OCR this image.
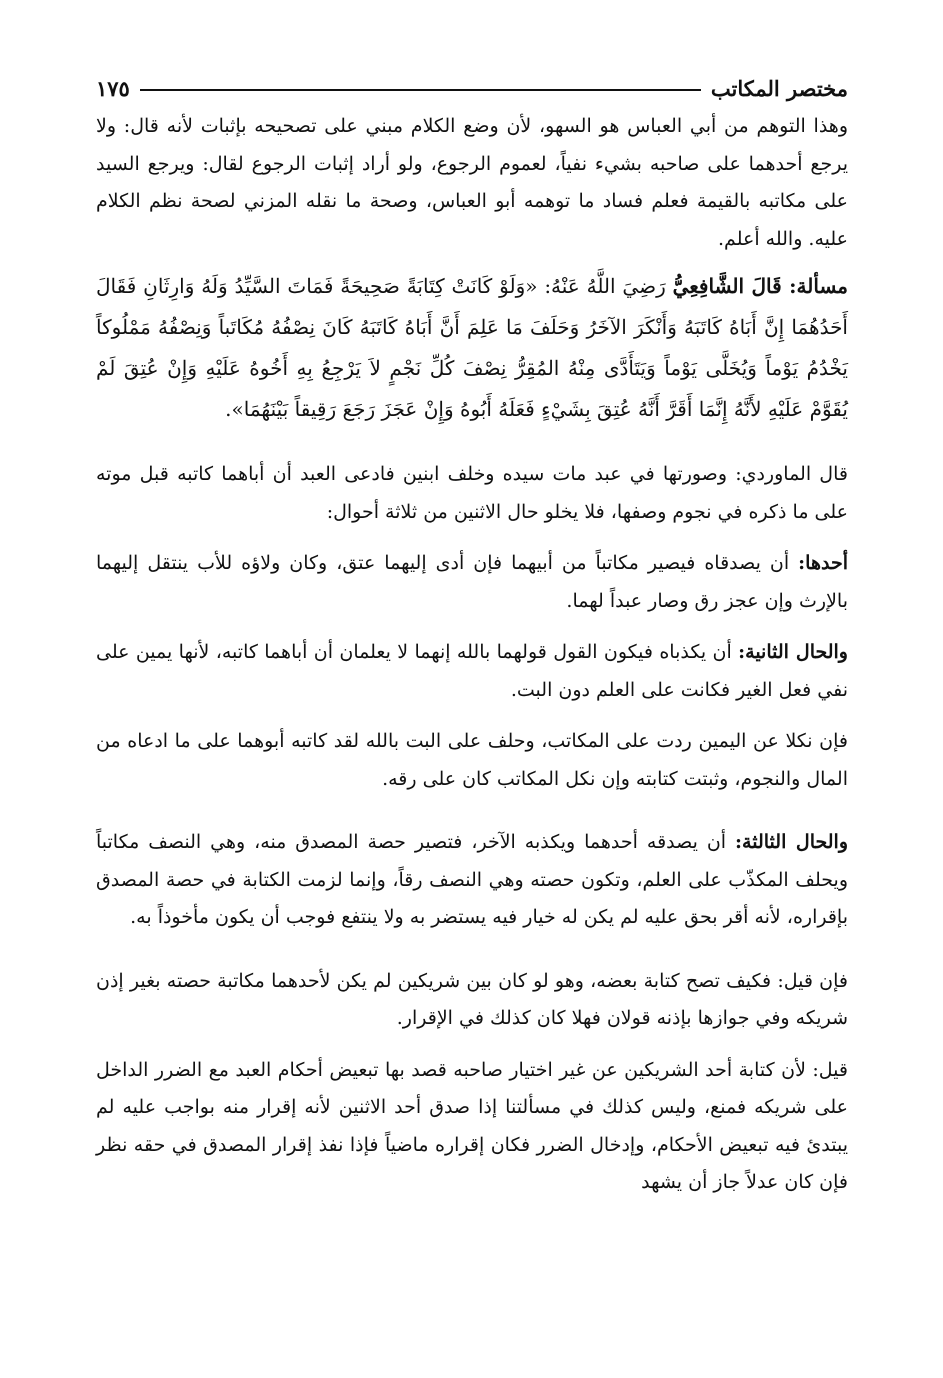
مختصر المكاتب
١٧٥

وهذا التوهم من أبي العباس هو السهو، لأن وضع الكلام مبني على تصحيحه بإثبات لأنه قال: ولا يرجع أحدهما على صاحبه بشيء نفياً، لعموم الرجوع، ولو أراد إثبات الرجوع لقال: ويرجع السيد على مكاتبه بالقيمة فعلم فساد ما توهمه أبو العباس، وصحة ما نقله المزني لصحة نظم الكلام عليه. والله أعلم.

مسألة: قَالَ الشَّافِعِيُّ رَضِيَ اللَّهُ عَنْهُ: «وَلَوْ كَانَتْ كِتَابَةً صَحِيحَةً فَمَاتَ السَّيِّدُ وَلَهُ وَارِثَانِ فَقَالَ أَحَدُهُمَا إِنَّ أَبَاهُ كَاتَبَهُ وَأَنْكَرَ الآخَرُ وَحَلَفَ مَا عَلِمَ أَنَّ أَبَاهُ كَاتَبَهُ كَانَ نِصْفُهُ مُكَاتَباً وَنِصْفُهُ مَمْلُوكاً يَخْدُمُ يَوْماً وَيُخَلَّى يَوْماً وَيَتَأَدَّى مِنْهُ المُقِرُّ نِصْفَ كُلِّ نَجْمٍ لاَ يَرْجِعُ بِهِ أَخُوهُ عَلَيْهِ وَإِنْ عُتِقَ لَمْ يُقَوَّمْ عَلَيْهِ لأَنَّهُ إِنَّمَا أَقَرَّ أَنَّهُ عُتِقَ بِشَيْءٍ فَعَلَهُ أَبُوهُ وَإِنْ عَجَزَ رَجَعَ رَقِيقاً بَيْنَهُمَا».

قال الماوردي: وصورتها في عبد مات سيده وخلف ابنين فادعى العبد أن أباهما كاتبه قبل موته على ما ذكره في نجوم وصفها، فلا يخلو حال الاثنين من ثلاثة أحوال:

أحدها: أن يصدقاه فيصير مكاتباً من أبيهما فإن أدى إليهما عتق، وكان ولاؤه للأب ينتقل إليهما بالإرث وإن عجز رق وصار عبداً لهما.

والحال الثانية: أن يكذباه فيكون القول قولهما بالله إنهما لا يعلمان أن أباهما كاتبه، لأنها يمين على نفي فعل الغير فكانت على العلم دون البت.

فإن نكلا عن اليمين ردت على المكاتب، وحلف على البت بالله لقد كاتبه أبوهما على ما ادعاه من المال والنجوم، وثبتت كتابته وإن نكل المكاتب كان على رقه.

والحال الثالثة: أن يصدقه أحدهما ويكذبه الآخر، فتصير حصة المصدق منه، وهي النصف مكاتباً ويحلف المكذّب على العلم، وتكون حصته وهي النصف رقاً، وإنما لزمت الكتابة في حصة المصدق بإقراره، لأنه أقر بحق عليه لم يكن له خيار فيه يستضر به ولا ينتفع فوجب أن يكون مأخوذاً به.

فإن قيل: فكيف تصح كتابة بعضه، وهو لو كان بين شريكين لم يكن لأحدهما مكاتبة حصته بغير إذن شريكه وفي جوازها بإذنه قولان فهلا كان كذلك في الإقرار.

قيل: لأن كتابة أحد الشريكين عن غير اختيار صاحبه قصد بها تبعيض أحكام العبد مع الضرر الداخل على شريكه فمنع، وليس كذلك في مسألتنا إذا صدق أحد الاثنين لأنه إقرار منه بواجب عليه لم يبتدئ فيه تبعيض الأحكام، وإدخال الضرر فكان إقراره ماضياً فإذا نفذ إقرار المصدق في حقه نظر فإن كان عدلاً جاز أن يشهد
